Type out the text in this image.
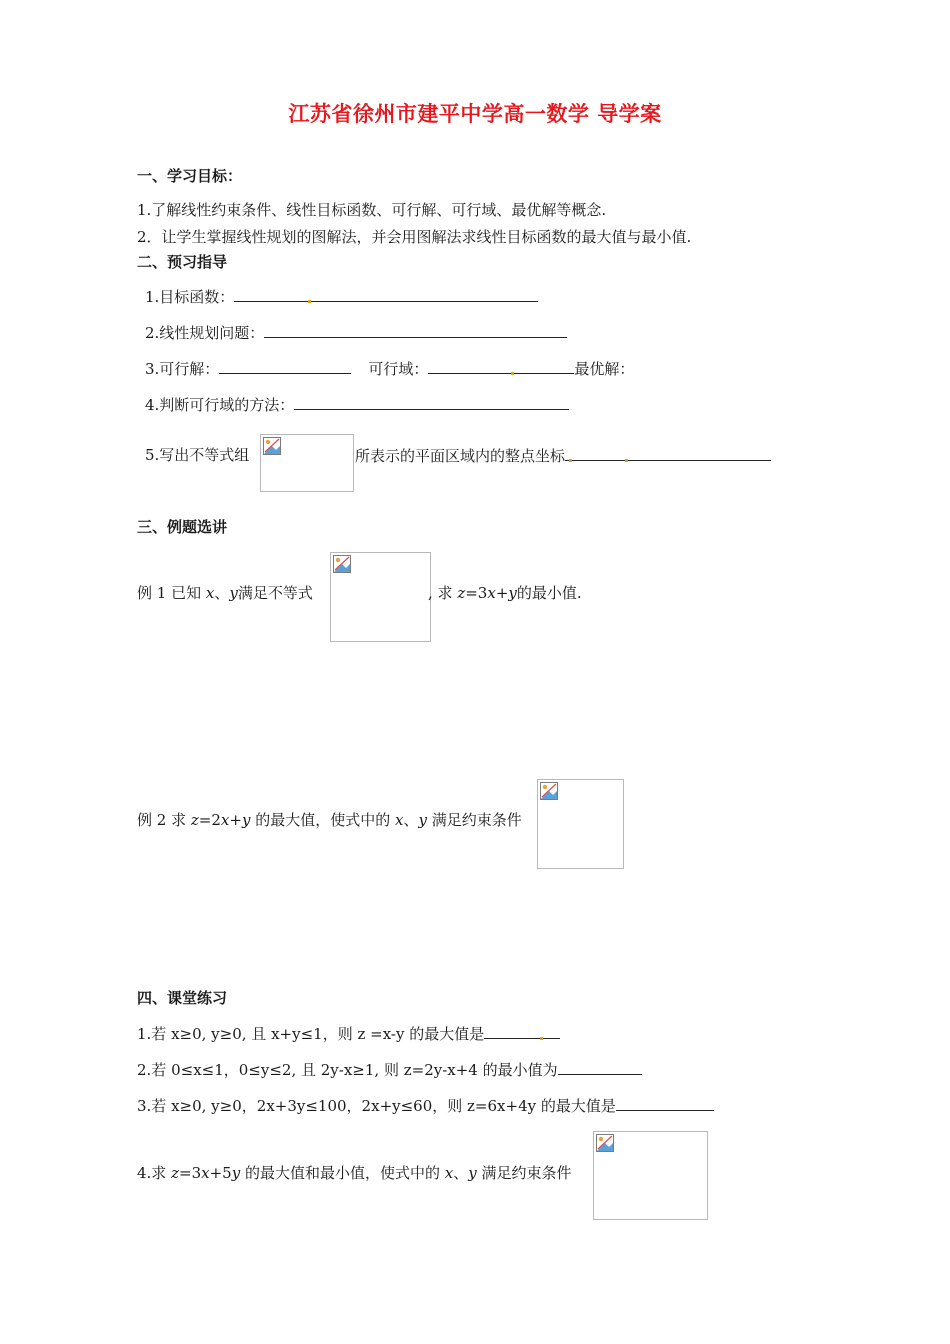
江苏省徐州市建平中学高一数学 导学案
一、学习目标：
1.了解线性约束条件、线性目标函数、可行解、可行域、最优解等概念.
2．让学生掌握线性规划的图解法，并会用图解法求线性目标函数的最大值与最小值.
二、预习指导
1.目标函数：
2.线性规划问题：
3.可行解：	可行域：	最优解：
4.判断可行域的方法：
5.写出不等式组	所表示的平面区域内的整点坐标
三、例题选讲
例 1 已知 x、y满足不等式	, 求 z=3x+y的最小值.
例 2 求 z=2x+y 的最大值，使式中的 x、y 满足约束条件
四、课堂练习
1.若 x≥0, y≥0, 且 x+y≤1，则 z =x-y 的最大值是
2.若 0≤x≤1，0≤y≤2, 且 2y-x≥1, 则 z=2y-x+4 的最小值为
3.若 x≥0, y≥0，2x+3y≤100，2x+y≤60，则 z=6x+4y 的最大值是
4.求 z=3x+5y 的最大值和最小值，使式中的 x、y 满足约束条件
